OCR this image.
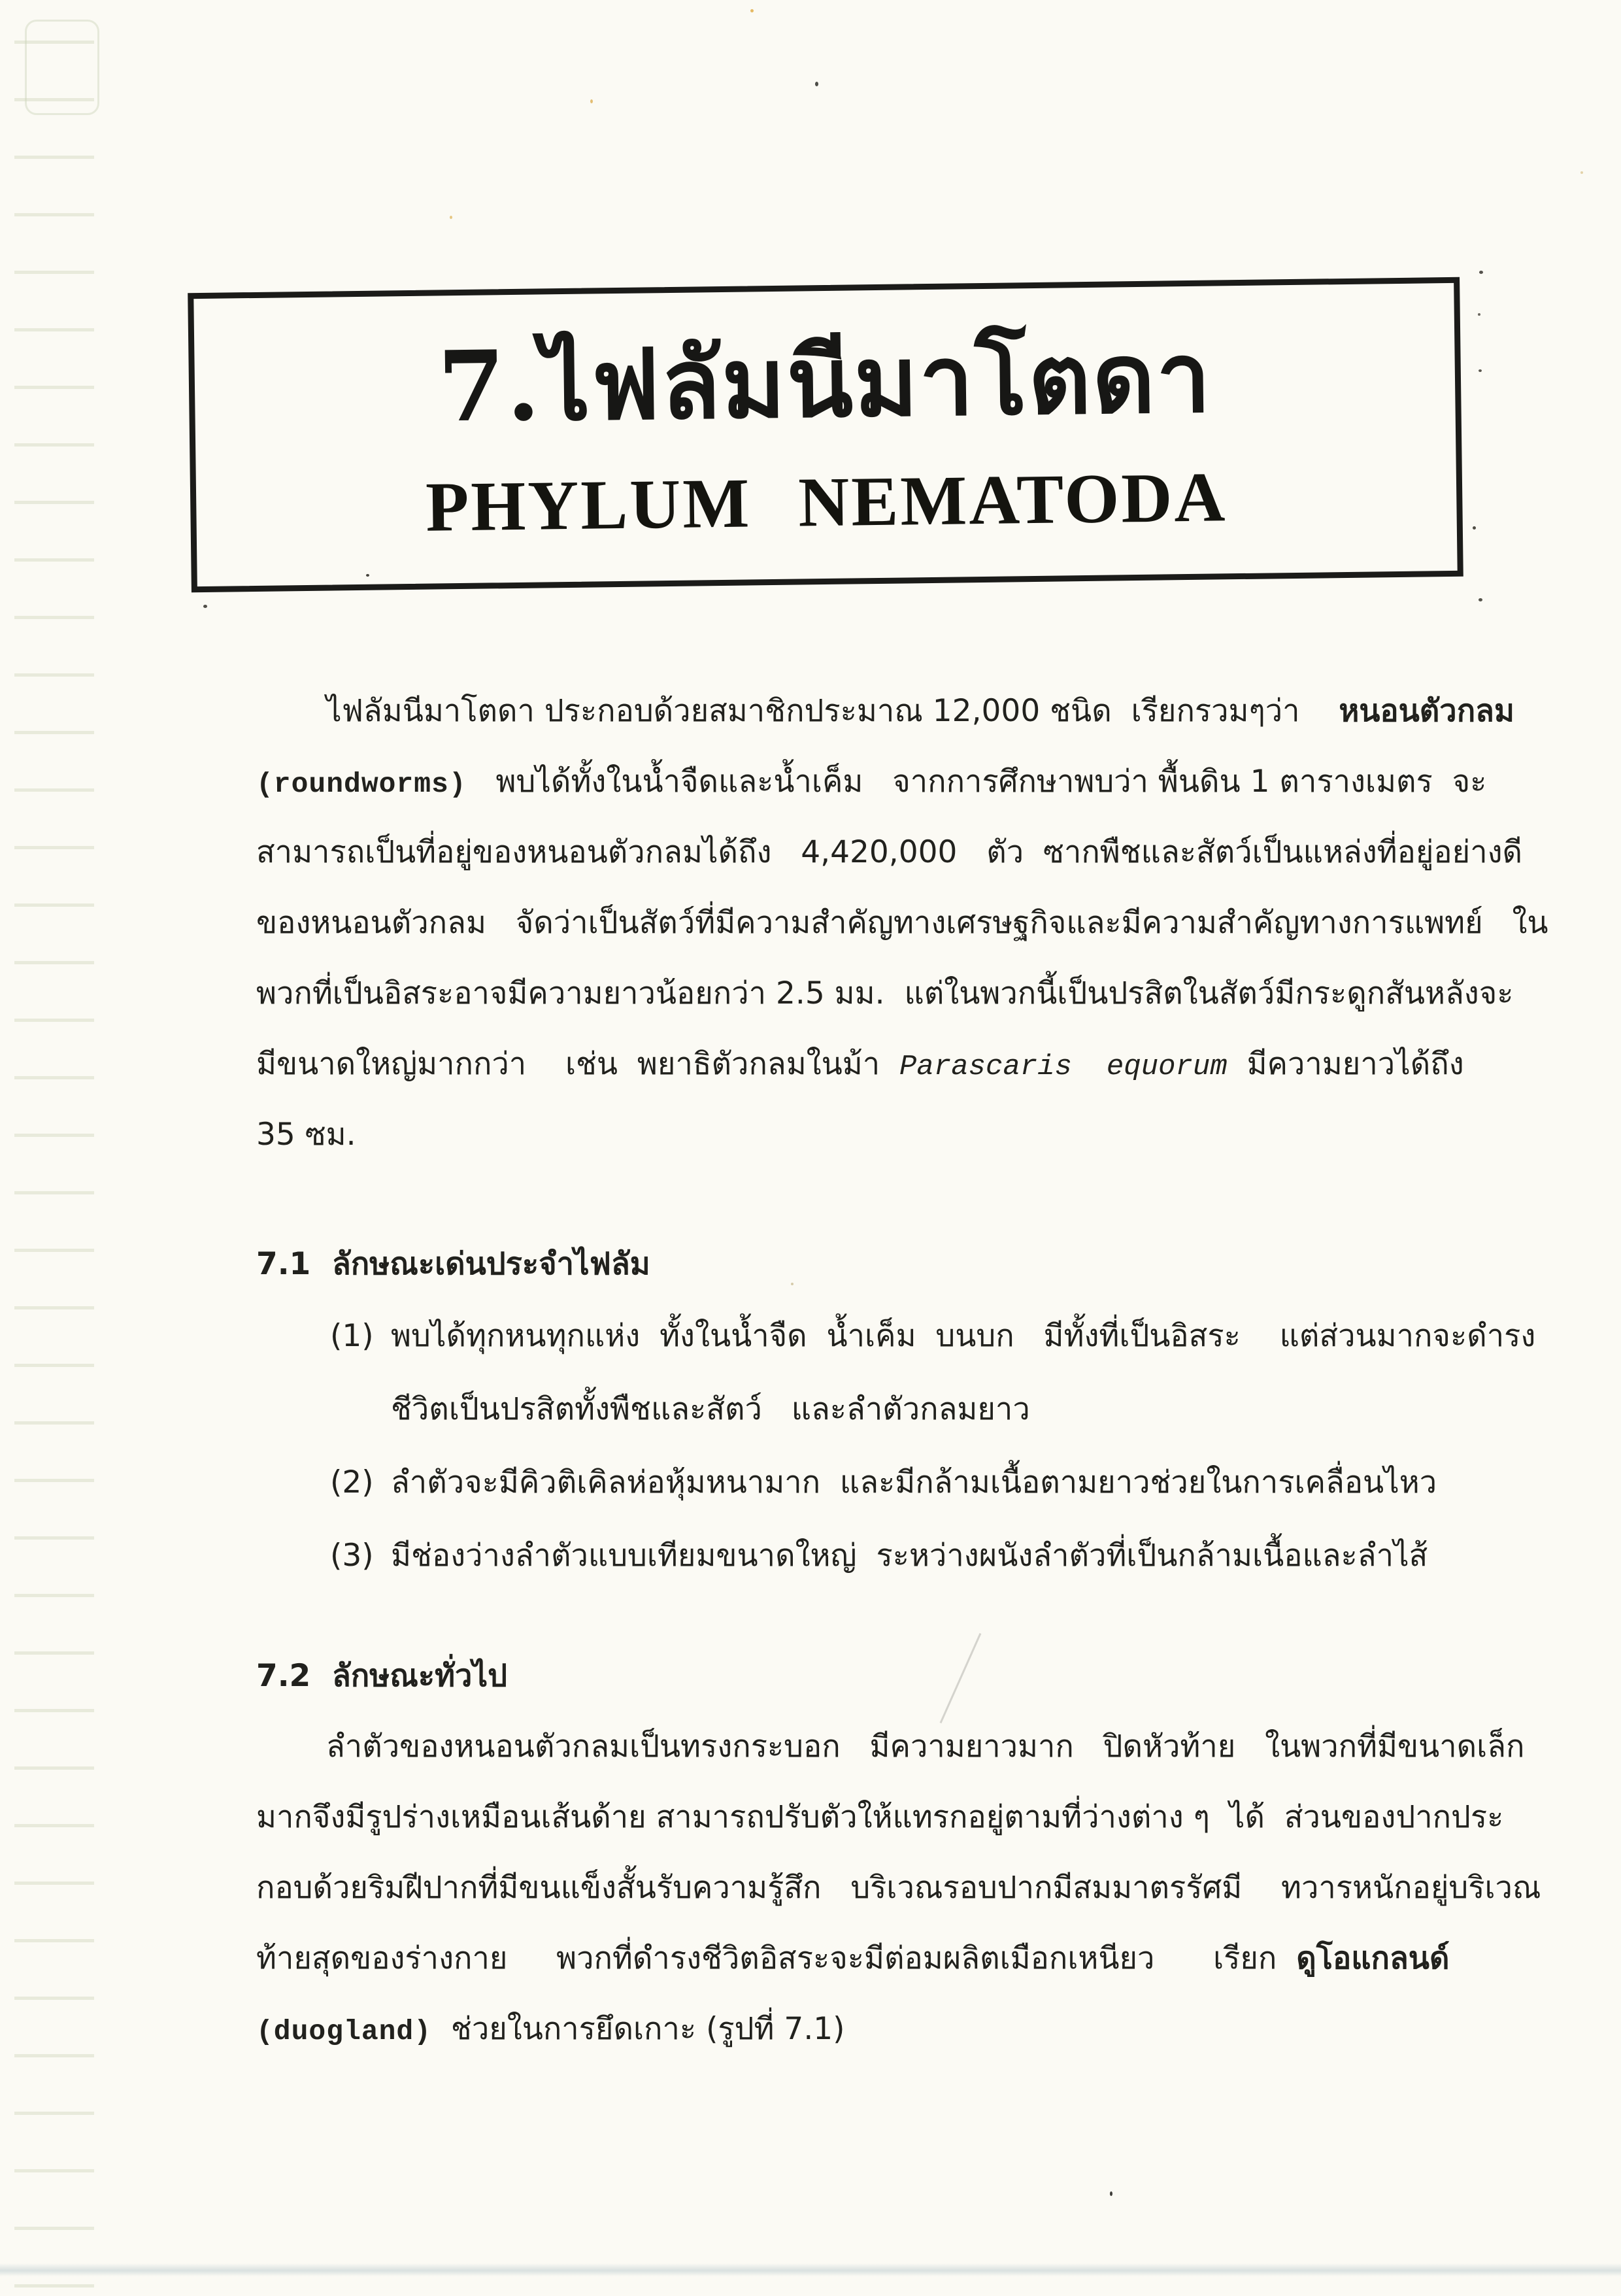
7.ไฟลัมนีมาโตดา
PHYLUM NEMATODA
ไฟลัมนีมาโตดา ประกอบด้วยสมาชิกประมาณ 12,000 ชนิด  เรียกรวมๆว่า    หนอนตัวกลม
(roundworms)   พบได้ทั้งในน้ำจืดและน้ำเค็ม   จากการศึกษาพบว่า พื้นดิน 1 ตารางเมตร  จะ
สามารถเป็นที่อยู่ของหนอนตัวกลมได้ถึง   4,420,000   ตัว  ซากพืชและสัตว์เป็นแหล่งที่อยู่อย่างดี
ของหนอนตัวกลม   จัดว่าเป็นสัตว์ที่มีความสำคัญทางเศรษฐกิจและมีความสำคัญทางการแพทย์   ใน
พวกที่เป็นอิสระอาจมีความยาวน้อยกว่า 2.5 มม.  แต่ในพวกนี้เป็นปรสิตในสัตว์มีกระดูกสันหลังจะ
มีขนาดใหญ่มากกว่า    เช่น  พยาธิตัวกลมในม้า  Parascaris  equorum  มีความยาวได้ถึง
35 ซม.
7.1  ลักษณะเด่นประจำไฟลัม
(1) พบได้ทุกหนทุกแห่ง  ทั้งในน้ำจืด  น้ำเค็ม  บนบก   มีทั้งที่เป็นอิสระ    แต่ส่วนมากจะดำรง
ชีวิตเป็นปรสิตทั้งพืชและสัตว์   และลำตัวกลมยาว
(2) ลำตัวจะมีคิวติเคิลห่อหุ้มหนามาก  และมีกล้ามเนื้อตามยาวช่วยในการเคลื่อนไหว
(3) มีช่องว่างลำตัวแบบเทียมขนาดใหญ่  ระหว่างผนังลำตัวที่เป็นกล้ามเนื้อและลำไส้
7.2  ลักษณะทั่วไป
ลำตัวของหนอนตัวกลมเป็นทรงกระบอก   มีความยาวมาก   ปิดหัวท้าย   ในพวกที่มีขนาดเล็ก
มากจึงมีรูปร่างเหมือนเส้นด้าย สามารถปรับตัวให้แทรกอยู่ตามที่ว่างต่าง ๆ  ได้  ส่วนของปากประ
กอบด้วยริมฝีปากที่มีขนแข็งสั้นรับความรู้สึก   บริเวณรอบปากมีสมมาตรรัศมี    ทวารหนักอยู่บริเวณ
ท้ายสุดของร่างกาย     พวกที่ดำรงชีวิตอิสระจะมีต่อมผลิตเมือกเหนียว      เรียก  ดูโอแกลนด์
(duogland)  ช่วยในการยึดเกาะ (รูปที่ 7.1)
